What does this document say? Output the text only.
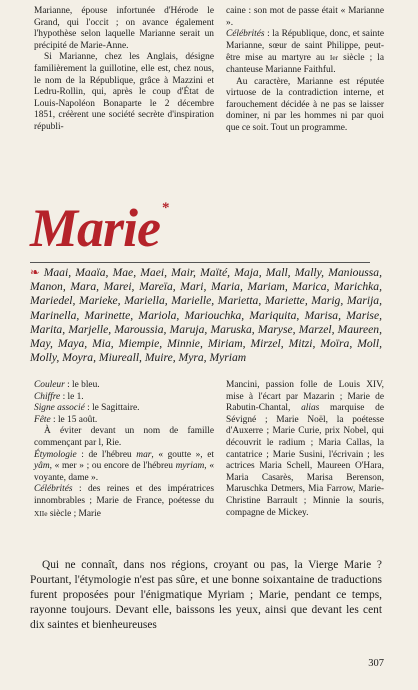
Marianne, épouse infortunée d'Hérode le Grand, qui l'occit ; on avance également l'hypothèse selon laquelle Marianne serait un précipité de Marie-Anne.

Si Marianne, chez les Anglais, désigne familièrement la guillotine, elle est, chez nous, le nom de la République, grâce à Mazzini et Ledru-Rollin, qui, après le coup d'État de Louis-Napoléon Bonaparte le 2 décembre 1851, créèrent une société secrète d'inspiration républi-

caine : son mot de passe était « Marianne ».

Célébrités : la République, donc, et sainte Marianne, sœur de saint Philippe, peut-être mise au martyre au Ier siècle ; la chanteuse Marianne Faithful.

Au caractère, Marianne est réputée virtuose de la contradiction interne, et farouchement décidée à ne pas se laisser dominer, ni par les hommes ni par quoi que ce soit. Tout un programme.

Marie *
❧ Maai, Maaïa, Mae, Maei, Mair, Maïté, Maja, Mall, Mally, Manioussa, Manon, Mara, Marei, Mareïa, Mari, Maria, Mariam, Marica, Marichka, Mariedel, Marieke, Mariella, Marielle, Marietta, Mariette, Marig, Marija, Marinella, Marinette, Mariola, Mariouchka, Mariquita, Marisa, Marise, Marita, Marjelle, Maroussia, Maruja, Maruska, Maryse, Marzel, Maureen, May, Maya, Mia, Miempie, Minnie, Miriam, Mirzel, Mitzi, Moïra, Moll, Molly, Moyra, Miureall, Muire, Myra, Myriam
Couleur : le bleu.
Chiffre : le 1.
Signe associé : le Sagittaire.
Fête : le 15 août.
À éviter devant un nom de famille commençant par l, Rie.
Étymologie : de l'hébreu mar, « goutte », et yâm, « mer » ; ou encore de l'hébreu myriam, « voyante, dame ».
Célébrités : des reines et des impératrices innombrables ; Marie de France, poétesse du XIIe siècle ; Marie

Mancini, passion folle de Louis XIV, mise à l'écart par Mazarin ; Marie de Rabutin-Chantal, alias marquise de Sévigné ; Marie Noël, la poétesse d'Auxerre ; Marie Curie, prix Nobel, qui découvrit le radium ; Maria Callas, la cantatrice ; Marie Susini, l'écrivain ; les actrices Maria Schell, Maureen O'Hara, Maria Casarès, Marisa Berenson, Maruschka Detmers, Mia Farrow, Marie-Christine Barrault ; Minnie la souris, compagne de Mickey.

Qui ne connaît, dans nos régions, croyant ou pas, la Vierge Marie ? Pourtant, l'étymologie n'est pas sûre, et une bonne soixantaine de traductions furent proposées pour l'énigmatique Myriam ; Marie, pendant ce temps, rayonne toujours. Devant elle, baissons les yeux, ainsi que devant les cent dix saintes et bienheureuses

307
